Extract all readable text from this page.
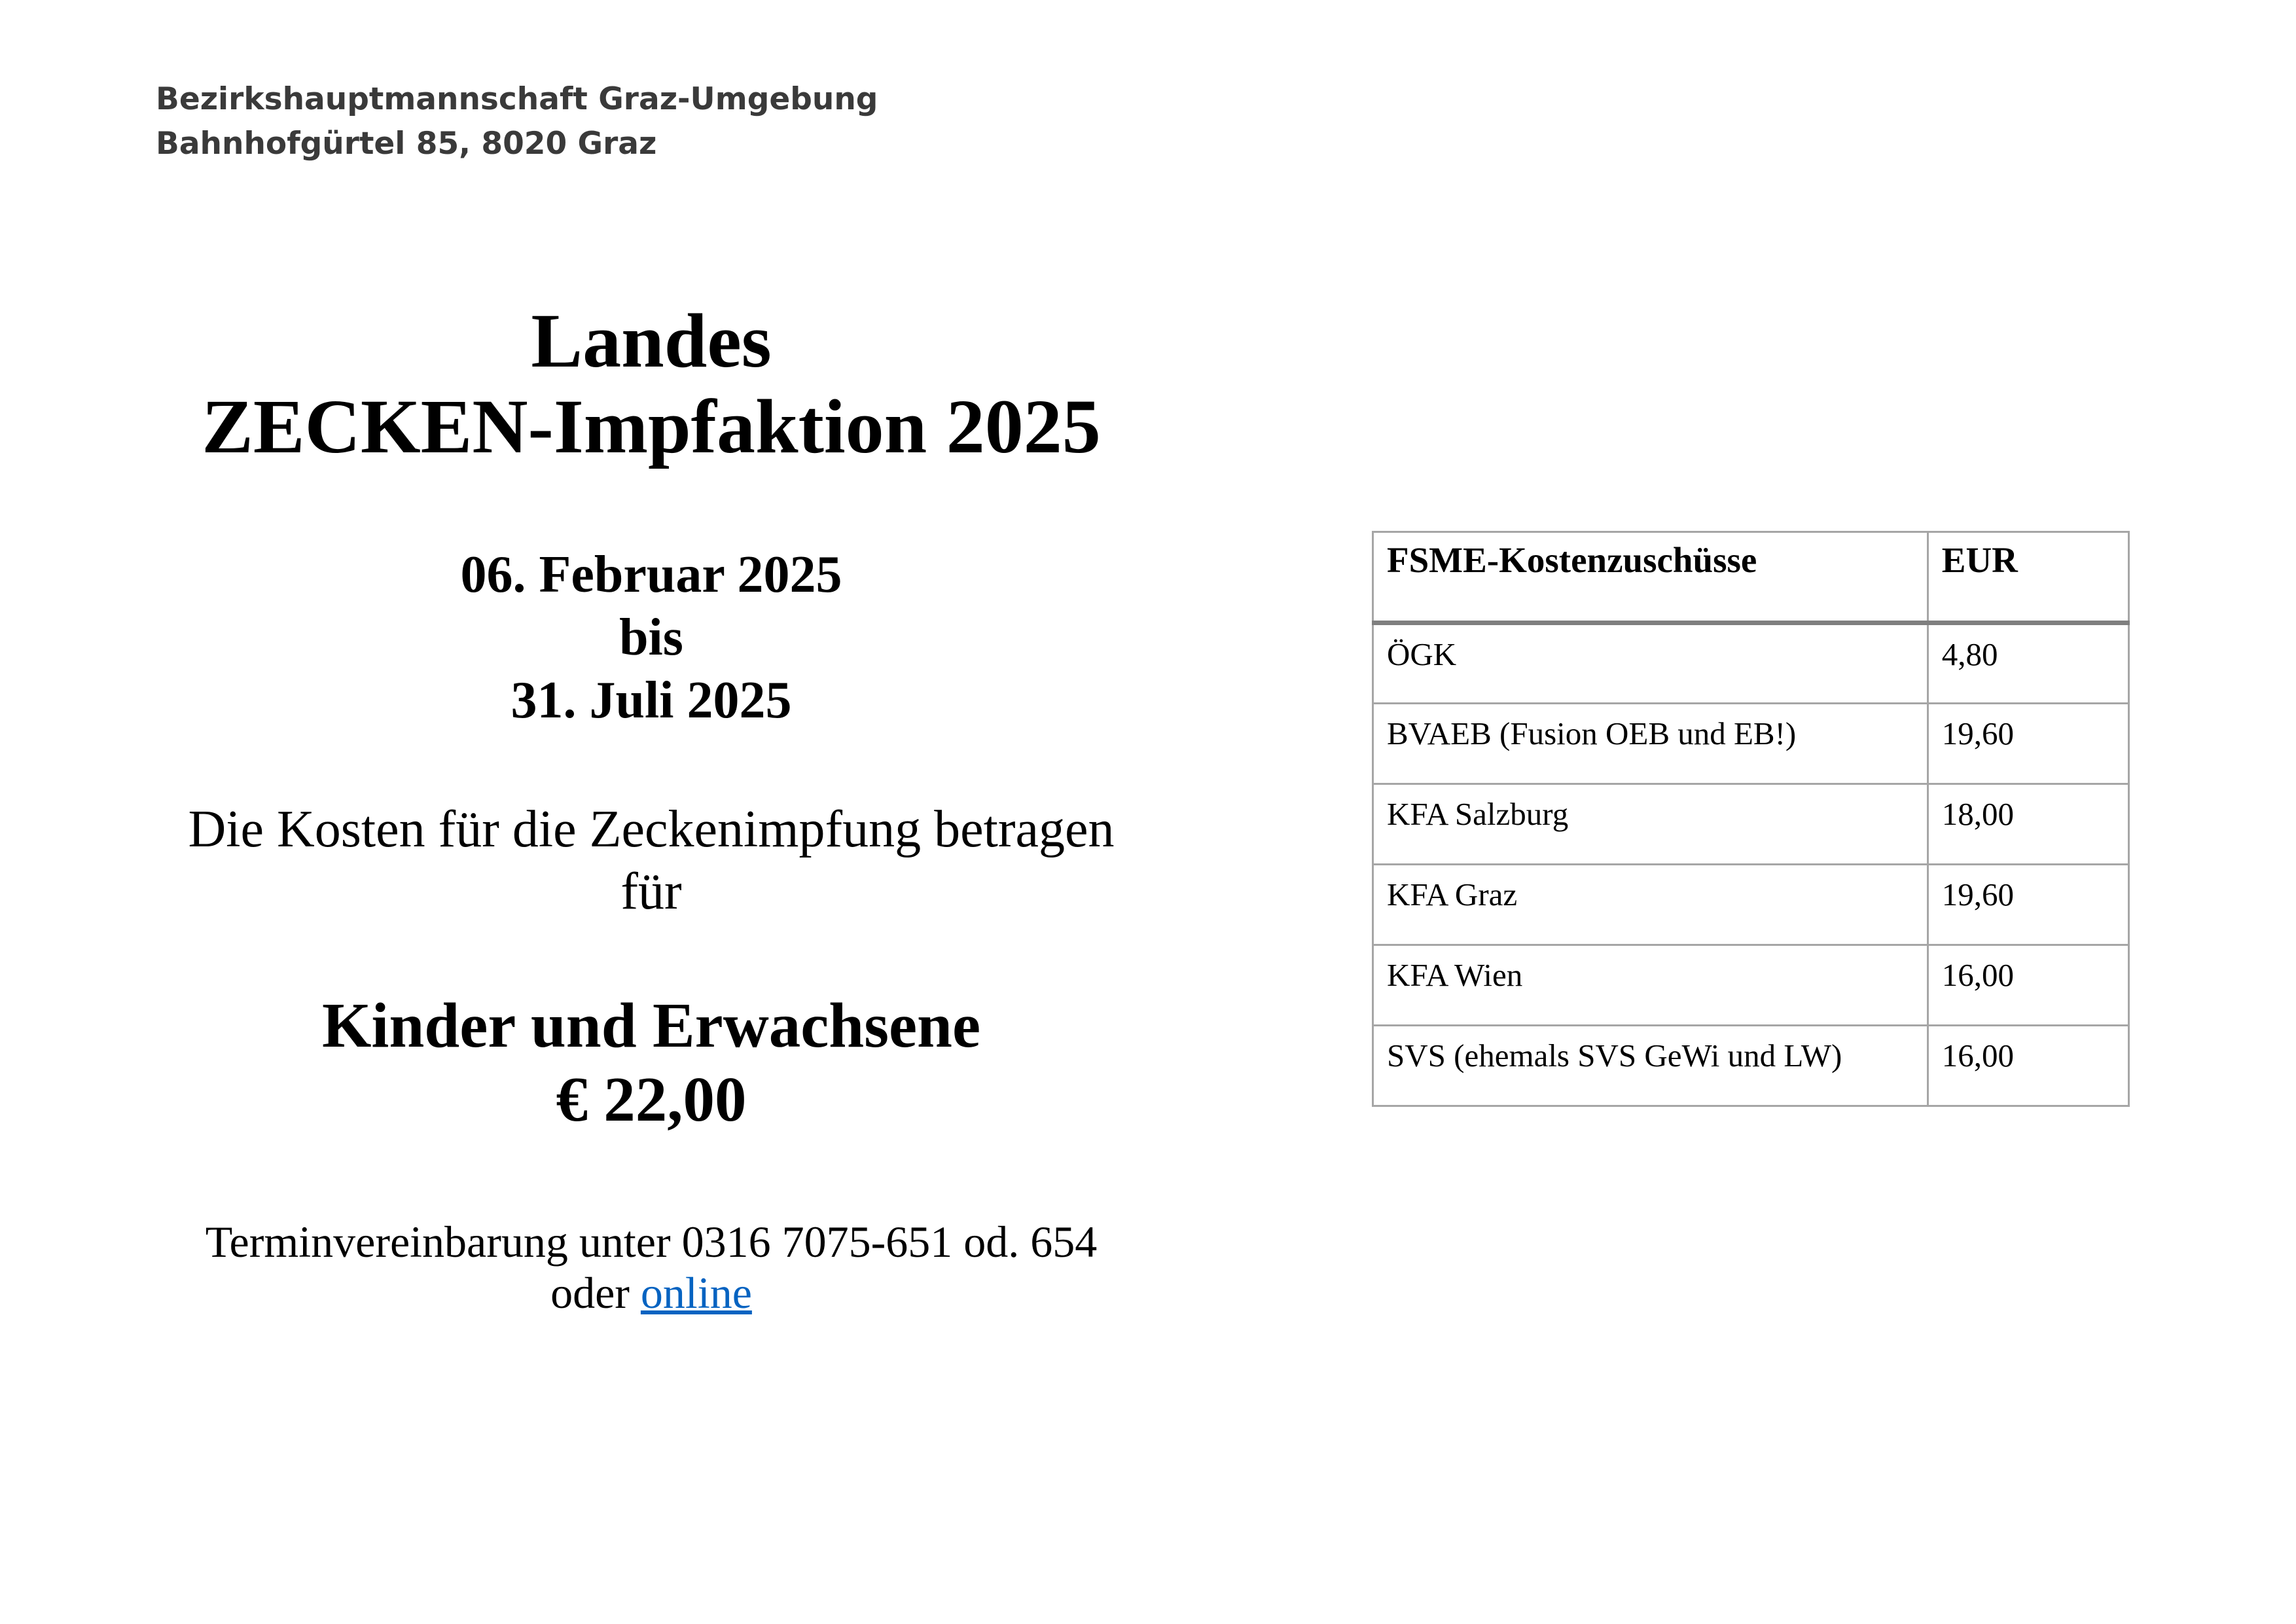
Bezirkshauptmannschaft Graz-Umgebung
Bahnhofgürtel 85, 8020 Graz
Landes
ZECKEN-Impfaktion 2025
06. Februar 2025
bis
31. Juli 2025
Die Kosten für die Zeckenimpfung betragen
für
Kinder und Erwachsene
€ 22,00
Terminvereinbarung unter 0316 7075-651 od. 654
oder online
FSME-Kostenzuschüsse	EUR
ÖGK	4,80
BVAEB (Fusion OEB und EB!)	19,60
KFA Salzburg	18,00
KFA Graz	19,60
KFA Wien	16,00
SVS (ehemals SVS GeWi und LW)	16,00
